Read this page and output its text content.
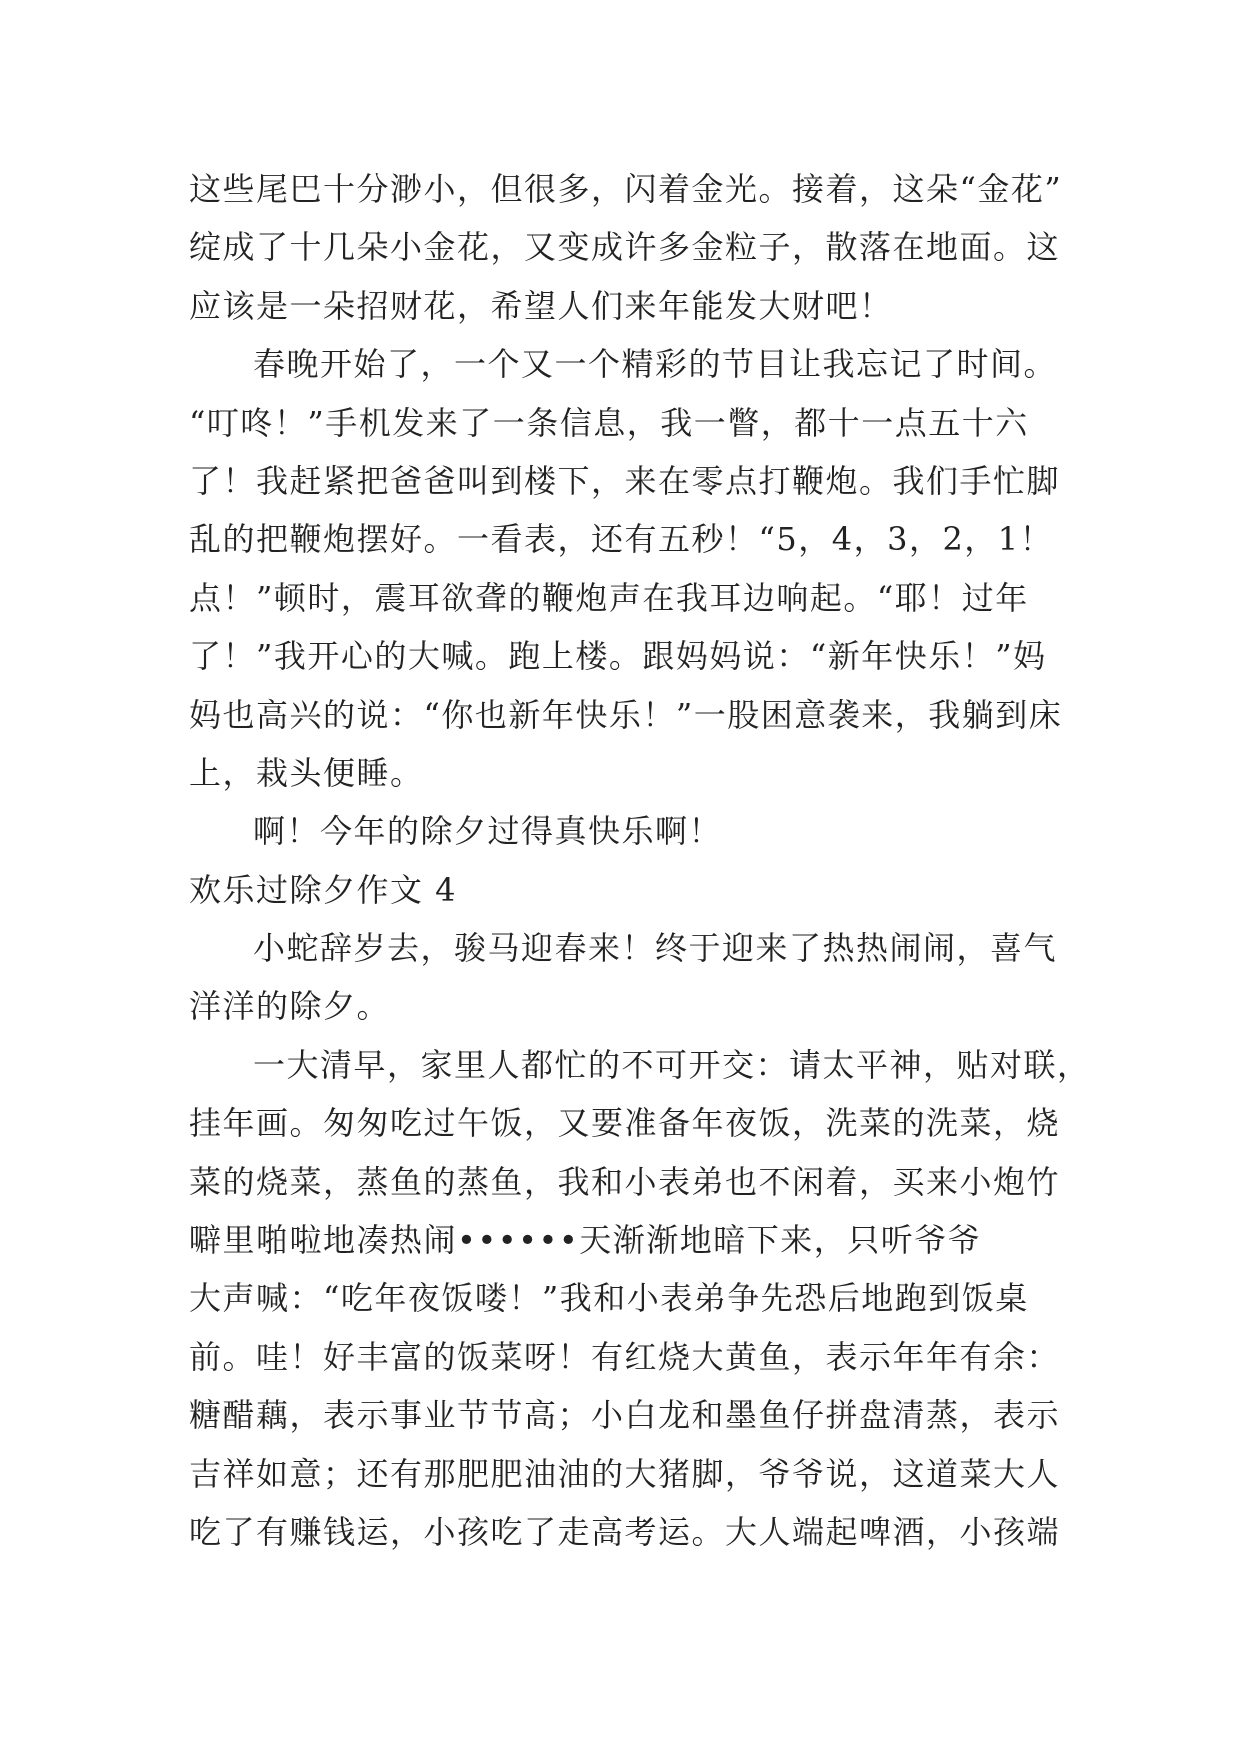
这些尾巴十分渺小，但很多，闪着金光。接着，这朵“金花”
绽成了十几朵小金花，又变成许多金粒子，散落在地面。这
应该是一朵招财花，希望人们来年能发大财吧！
春晚开始了，一个又一个精彩的节目让我忘记了时间。
“叮咚！”手机发来了一条信息，我一瞥，都十一点五十六
了！我赶紧把爸爸叫到楼下，来在零点打鞭炮。我们手忙脚
乱的把鞭炮摆好。一看表，还有五秒！“5，4，3，2，1！
点！”顿时，震耳欲聋的鞭炮声在我耳边响起。“耶！过年
了！”我开心的大喊。跑上楼。跟妈妈说：“新年快乐！”妈
妈也高兴的说：“你也新年快乐！”一股困意袭来，我躺到床
上，栽头便睡。
啊！今年的除夕过得真快乐啊！
欢乐过除夕作文 4
小蛇辞岁去，骏马迎春来！终于迎来了热热闹闹，喜气
洋洋的除夕。
一大清早，家里人都忙的不可开交：请太平神，贴对联，
挂年画。匆匆吃过午饭，又要准备年夜饭，洗菜的洗菜，烧
菜的烧菜，蒸鱼的蒸鱼，我和小表弟也不闲着，买来小炮竹
噼里啪啦地凑热闹••••••天渐渐地暗下来，只听爷爷
大声喊：“吃年夜饭喽！”我和小表弟争先恐后地跑到饭桌
前。哇！好丰富的饭菜呀！有红烧大黄鱼，表示年年有余：
糖醋藕，表示事业节节高；小白龙和墨鱼仔拼盘清蒸，表示
吉祥如意；还有那肥肥油油的大猪脚，爷爷说，这道菜大人
吃了有赚钱运，小孩吃了走高考运。大人端起啤酒，小孩端
